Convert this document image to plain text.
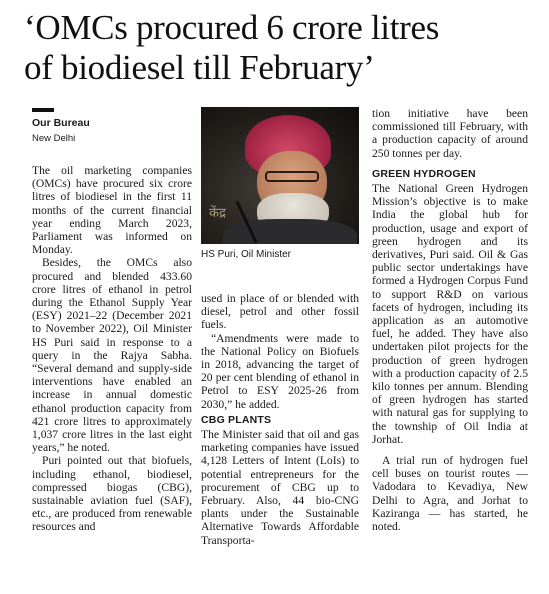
‘OMCs procured 6 crore litres
of biodiesel till February’
Our Bureau
New Delhi

The oil marketing companies (OMCs) have procured six crore litres of biodiesel in the first 11 months of the current financial year ending March 2023, Parliament was informed on Monday.

Besides, the OMCs also procured and blended 433.60 crore litres of ethanol in petrol during the Ethanol Supply Year (ESY) 2021–22 (December 2021 to November 2022), Oil Minister HS Puri said in response to a query in the Rajya Sabha. “Several demand and supply-side interventions have enabled an increase in annual domestic ethanol production capacity from 421 crore litres to approximately 1,037 crore litres in the last eight years,” he noted.

Puri pointed out that biofuels, including ethanol, biodiesel, compressed biogas (CBG), sustainable aviation fuel (SAF), etc., are produced from renewable resources and

केंद्र
HS Puri, Oil Minister

used in place of or blended with diesel, petrol and other fossil fuels.

“Amendments were made to the National Policy on Biofuels in 2018, advancing the target of 20 per cent blending of ethanol in Petrol to ESY 2025-26 from 2030,” he added.

CBG PLANTS

The Minister said that oil and gas marketing companies have issued 4,128 Letters of Intent (LoIs) to potential entrepreneurs for the procurement of CBG up to February. Also, 44 bio-CNG plants under the Sustainable Alternative Towards Affordable Transporta-

tion initiative have been commissioned till February, with a production capacity of around 250 tonnes per day.

GREEN HYDROGEN

The National Green Hydrogen Mission’s objective is to make India the global hub for production, usage and export of green hydrogen and its derivatives, Puri said. Oil & Gas public sector undertakings have formed a Hydrogen Corpus Fund to support R&D on various facets of hydrogen, including its application as an automotive fuel, he added. They have also undertaken pilot projects for the production of green hydrogen with a production capacity of 2.5 kilo tonnes per annum. Blending of green hydrogen has started with natural gas for supplying to the township of Oil India at Jorhat.

A trial run of hydrogen fuel cell buses on tourist routes — Vadodara to Kevadiya, New Delhi to Agra, and Jorhat to Kaziranga — has started, he noted.
